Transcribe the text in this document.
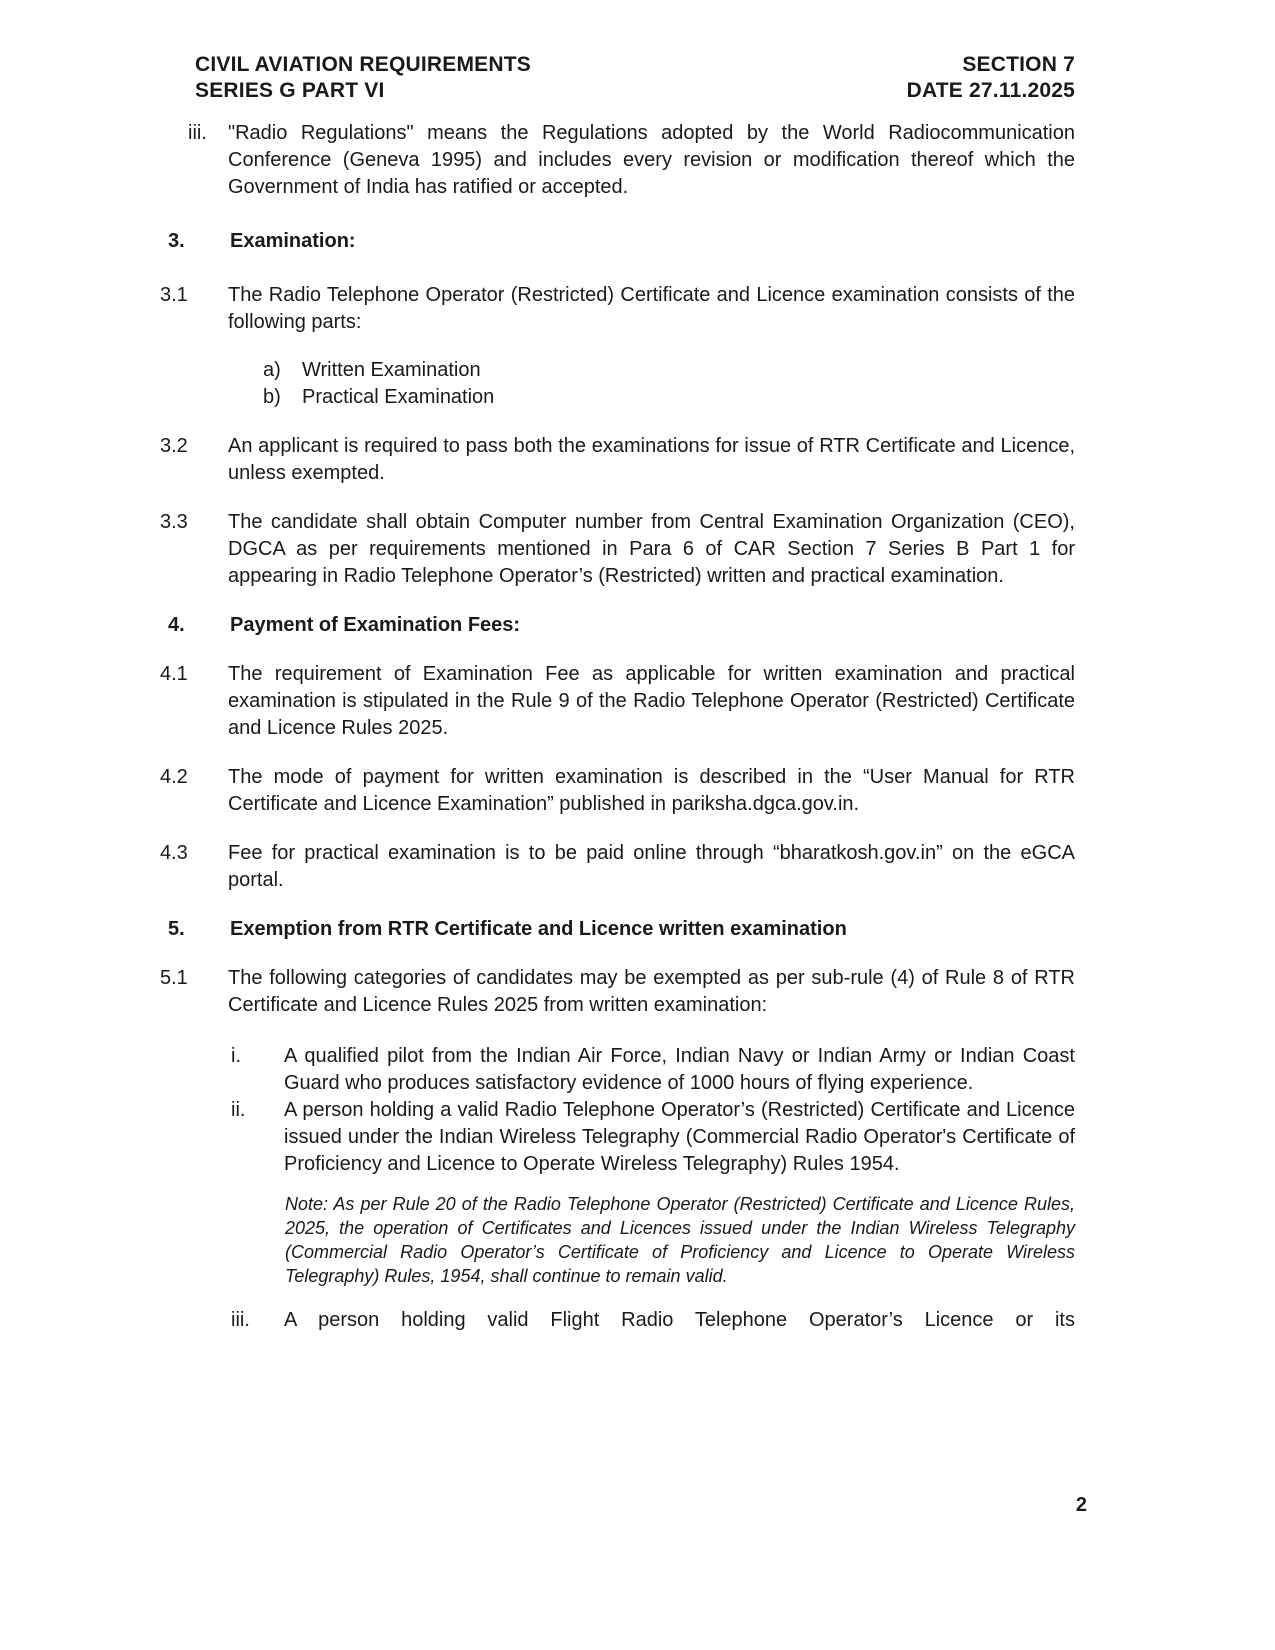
CIVIL AVIATION REQUIREMENTS
SERIES G PART VI
SECTION 7
DATE 27.11.2025
iii.	"Radio Regulations" means the Regulations adopted by the World Radiocommunication Conference (Geneva 1995) and includes every revision or modification thereof which the Government of India has ratified or accepted.
3.	Examination:
3.1	The Radio Telephone Operator (Restricted) Certificate and Licence examination consists of the following parts:
a)	Written Examination
b)	Practical Examination
3.2	An applicant is required to pass both the examinations for issue of RTR Certificate and Licence, unless exempted.
3.3	The candidate shall obtain Computer number from Central Examination Organization (CEO), DGCA as per requirements mentioned in Para 6 of CAR Section 7 Series B Part 1 for appearing in Radio Telephone Operator’s (Restricted) written and practical examination.
4.	Payment of Examination Fees:
4.1	The requirement of Examination Fee as applicable for written examination and practical examination is stipulated in the Rule 9 of the Radio Telephone Operator (Restricted) Certificate and Licence Rules 2025.
4.2	The mode of payment for written examination is described in the “User Manual for RTR Certificate and Licence Examination” published in pariksha.dgca.gov.in.
4.3	Fee for practical examination is to be paid online through “bharatkosh.gov.in” on the eGCA portal.
5.	Exemption from RTR Certificate and Licence written examination
5.1	The following categories of candidates may be exempted as per sub-rule (4) of Rule 8 of RTR Certificate and Licence Rules 2025 from written examination:
i.	A qualified pilot from the Indian Air Force, Indian Navy or Indian Army or Indian Coast Guard who produces satisfactory evidence of 1000 hours of flying experience.
ii.	A person holding a valid Radio Telephone Operator’s (Restricted) Certificate and Licence issued under the Indian Wireless Telegraphy (Commercial Radio Operator's Certificate of Proficiency and Licence to Operate Wireless Telegraphy) Rules 1954.
Note: As per Rule 20 of the Radio Telephone Operator (Restricted) Certificate and Licence Rules, 2025, the operation of Certificates and Licences issued under the Indian Wireless Telegraphy (Commercial Radio Operator’s Certificate of Proficiency and Licence to Operate Wireless Telegraphy) Rules, 1954, shall continue to remain valid.
iii.	A person holding valid Flight Radio Telephone Operator’s Licence or its
2
